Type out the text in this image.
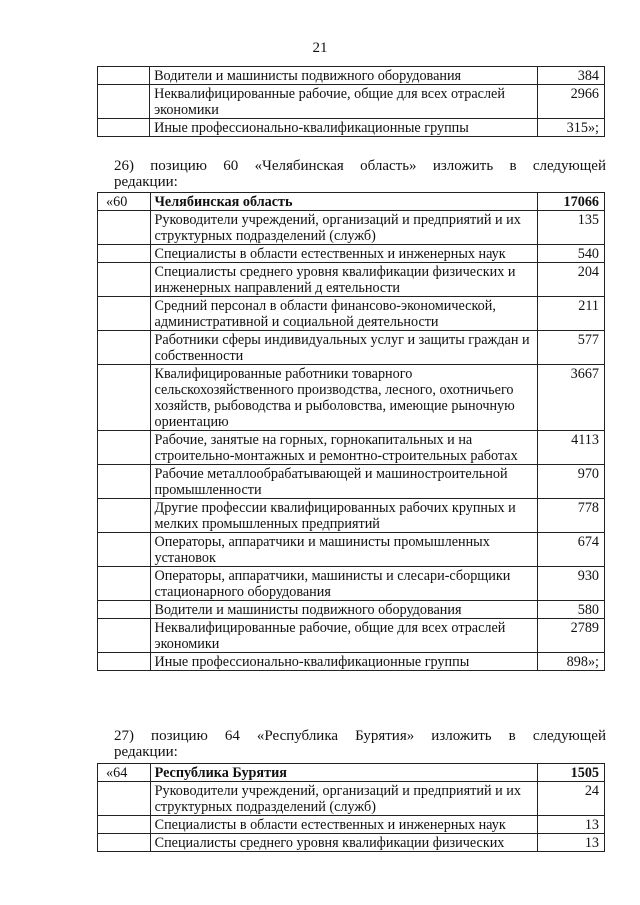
21
	Водители и машинисты подвижного оборудования	384
	Неквалифицированные рабочие, общие для всех отраслей экономики	2966
	Иные профессионально-квалификационные группы	315»;
26) позицию 60 «Челябинская область» изложить в следующей
редакции:
«60	Челябинская область	17066
	Руководители учреждений, организаций и предприятий и их структурных подразделений (служб)	135
	Специалисты в области естественных и инженерных наук	540
	Специалисты среднего уровня квалификации физических и инженерных направлений д еятельности	204
	Средний персонал в области финансово-экономической, административной и социальной деятельности	211
	Работники сферы индивидуальных услуг и защиты граждан и собственности	577
	Квалифицированные работники товарного сельскохозяйственного производства, лесного, охотничьего хозяйств, рыбоводства и рыболовства, имеющие рыночную ориентацию	3667
	Рабочие, занятые на горных, горнокапитальных и на строительно-монтажных и ремонтно-строительных работах	4113
	Рабочие металлообрабатывающей и машиностроительной промышленности	970
	Другие профессии квалифицированных рабочих крупных и мелких промышленных предприятий	778
	Операторы, аппаратчики и машинисты промышленных установок	674
	Операторы, аппаратчики, машинисты и слесари-сборщики стационарного оборудования	930
	Водители и машинисты подвижного оборудования	580
	Неквалифицированные рабочие, общие для всех отраслей экономики	2789
	Иные профессионально-квалификационные группы	898»;
27) позицию 64 «Республика Бурятия» изложить в следующей
редакции:
«64	Республика Бурятия	1505
	Руководители учреждений, организаций и предприятий и их структурных подразделений (служб)	24
	Специалисты в области естественных и инженерных наук	13
	Специалисты среднего уровня квалификации физических	13
